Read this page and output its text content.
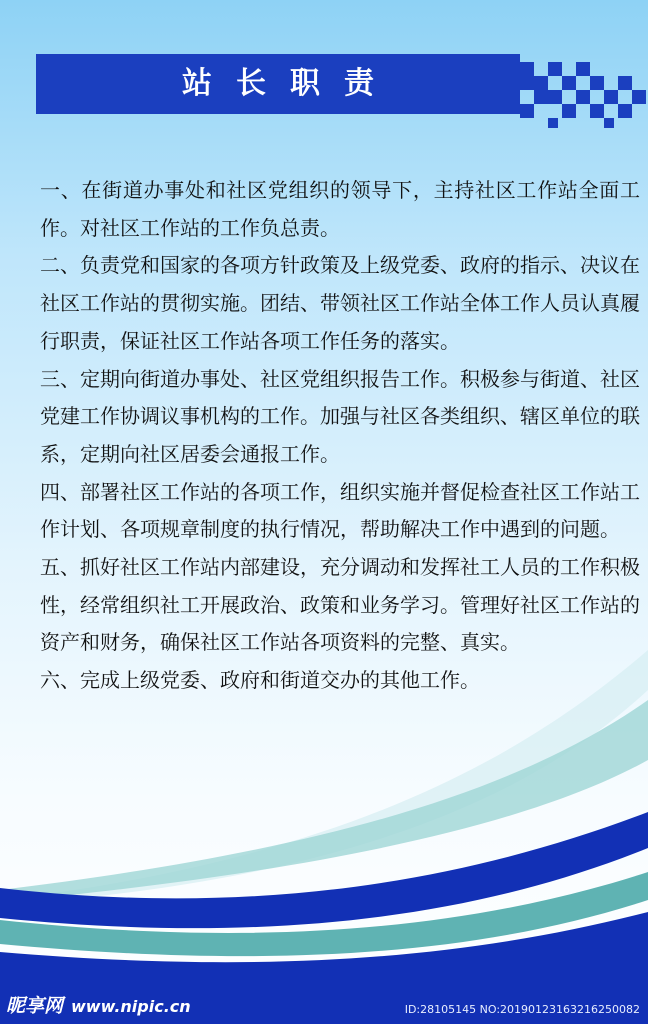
站长职责

一、在街道办事处和社区党组织的领导下，主持社区工作站全面工作。对社区工作站的工作负总责。

二、负责党和国家的各项方针政策及上级党委、政府的指示、决议在社区工作站的贯彻实施。团结、带领社区工作站全体工作人员认真履行职责，保证社区工作站各项工作任务的落实。

三、定期向街道办事处、社区党组织报告工作。积极参与街道、社区党建工作协调议事机构的工作。加强与社区各类组织、辖区单位的联系，定期向社区居委会通报工作。

四、部署社区工作站的各项工作，组织实施并督促检查社区工作站工作计划、各项规章制度的执行情况，帮助解决工作中遇到的问题。

五、抓好社区工作站内部建设，充分调动和发挥社工人员的工作积极性，经常组织社工开展政治、政策和业务学习。管理好社区工作站的资产和财务，确保社区工作站各项资料的完整、真实。

六、完成上级党委、政府和街道交办的其他工作。

昵享网 www.nipic.cn	ID:28105145 NO:20190123163216250082
